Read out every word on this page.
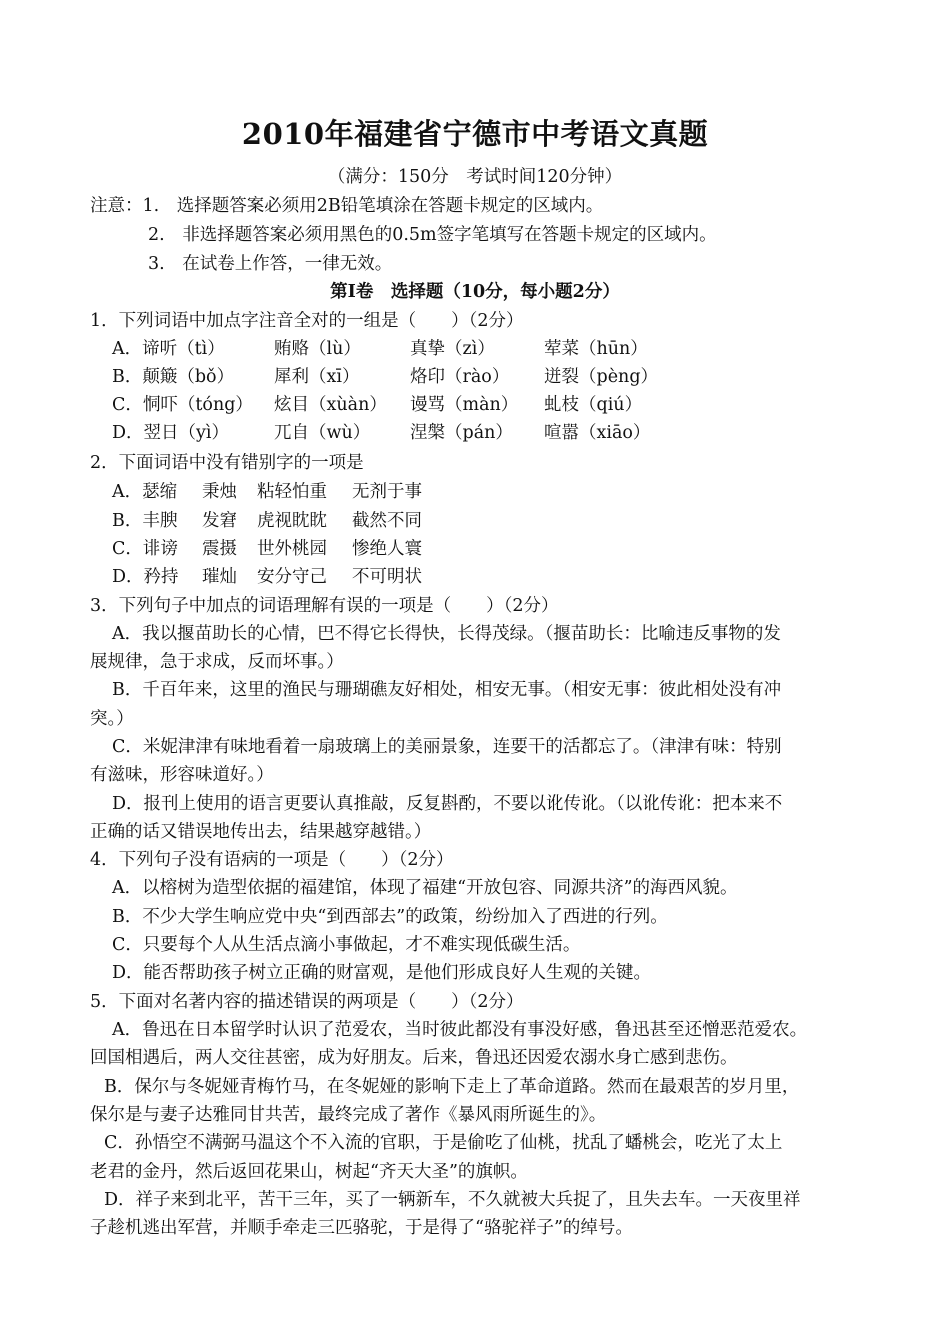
2010年福建省宁德市中考语文真题
（满分：150分　考试时间120分钟）
注意：1.　选择题答案必须用2B铅笔填涂在答题卡规定的区域内。
2.　非选择题答案必须用黑色的0.5m签字笔填写在答题卡规定的区域内。
3.　在试卷上作答，一律无效。
第Ⅰ卷　选择题（10分，每小题2分）
1．下列词语中加点字注音全对的一组是（　　）（2分）
A．谛听（tì）	贿赂（lù）	真挚（zì）	荤菜（hūn）
B．颠簸（bǒ） 犀利（xī）	烙印（rào） 迸裂（pèng）
C．恫吓（tóng） 炫目（xùàn） 谩骂（màn） 虬枝（qiú）
D．翌日（yì）	兀自（wù） 涅槃（pán） 喧嚣（xiāo）
2．下面词语中没有错别字的一项是
A．瑟缩 秉烛 粘轻怕重 无剂于事
B．丰腴 发窘 虎视眈眈 截然不同
C．诽谤 震摄 世外桃园 惨绝人寰
D．矜持 璀灿 安分守己 不可明状
3．下列句子中加点的词语理解有误的一项是（　　）（2分）
A．我以揠苗助长的心情，巴不得它长得快，长得茂绿。（揠苗助长：比喻违反事物的发
展规律，急于求成，反而坏事。）
B．千百年来，这里的渔民与珊瑚礁友好相处，相安无事。（相安无事：彼此相处没有冲
突。）
C．米妮津津有味地看着一扇玻璃上的美丽景象，连要干的活都忘了。（津津有味：特别
有滋味，形容味道好。）
D．报刊上使用的语言更要认真推敲，反复斟酌，不要以讹传讹。（以讹传讹：把本来不
正确的话又错误地传出去，结果越穿越错。）
4．下列句子没有语病的一项是（　　）（2分）
A．以榕树为造型依据的福建馆，体现了福建“开放包容、同源共济”的海西风貌。
B．不少大学生响应党中央“到西部去”的政策，纷纷加入了西进的行列。
C．只要每个人从生活点滴小事做起，才不难实现低碳生活。
D．能否帮助孩子树立正确的财富观，是他们形成良好人生观的关键。
5．下面对名著内容的描述错误的两项是（　　）（2分）
A．鲁迅在日本留学时认识了范爱农，当时彼此都没有事没好感，鲁迅甚至还憎恶范爱农。
回国相遇后，两人交往甚密，成为好朋友。后来，鲁迅还因爱农溺水身亡感到悲伤。
B．保尔与冬妮娅青梅竹马，在冬妮娅的影响下走上了革命道路。然而在最艰苦的岁月里，
保尔是与妻子达雅同甘共苦，最终完成了著作《暴风雨所诞生的》。
C．孙悟空不满弼马温这个不入流的官职，于是偷吃了仙桃，扰乱了蟠桃会，吃光了太上
老君的金丹，然后返回花果山，树起“齐天大圣”的旗帜。
D．祥子来到北平，苦干三年，买了一辆新车，不久就被大兵捉了，且失去车。一天夜里祥
子趁机逃出军营，并顺手牵走三匹骆驼，于是得了“骆驼祥子”的绰号。
